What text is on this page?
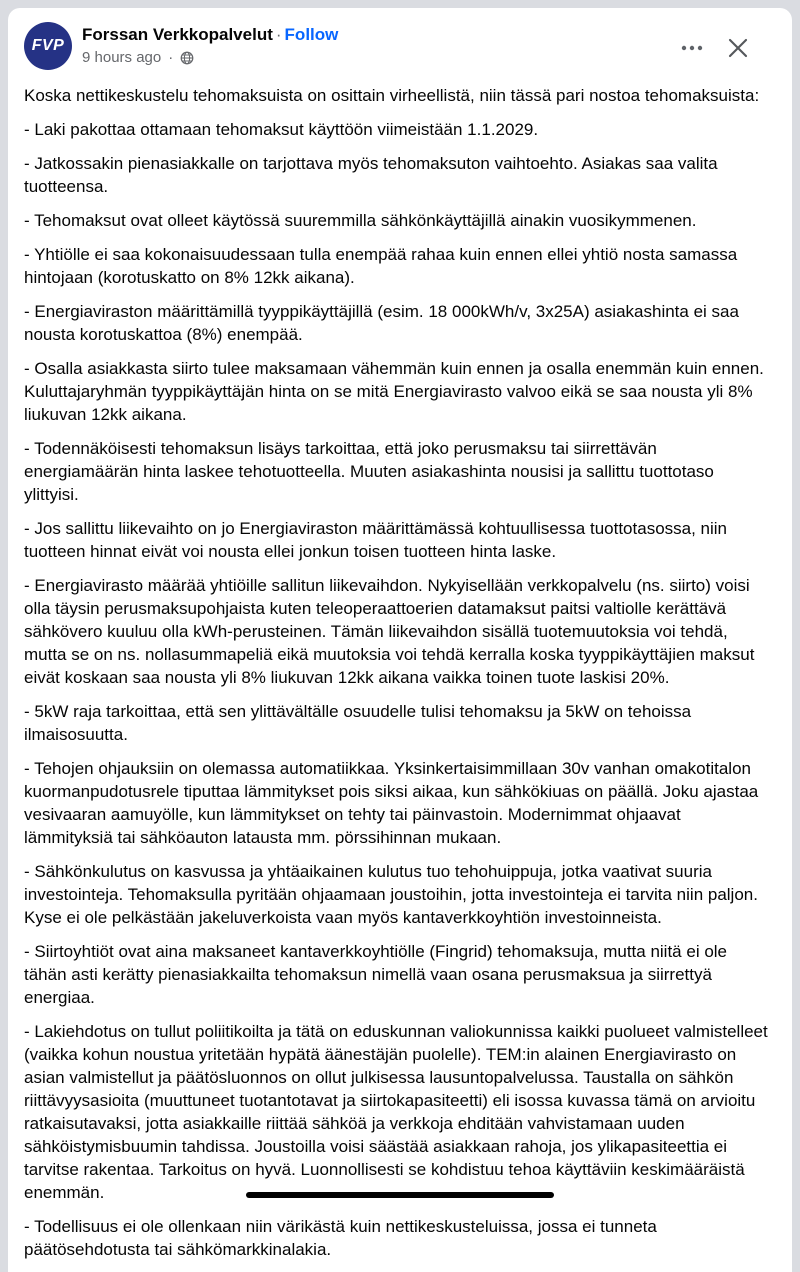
FVP
Forssan Verkkopalvelut · Follow
9 hours ago ·

Koska nettikeskustelu tehomaksuista on osittain virheellistä, niin tässä pari nostoa tehomaksuista:

- Laki pakottaa ottamaan tehomaksut käyttöön viimeistään 1.1.2029.

- Jatkossakin pienasiakkalle on tarjottava myös tehomaksuton vaihtoehto. Asiakas saa valita tuotteensa.

- Tehomaksut ovat olleet käytössä suuremmilla sähkönkäyttäjillä ainakin vuosikymmenen.

- Yhtiölle ei saa kokonaisuudessaan tulla enempää rahaa kuin ennen ellei yhtiö nosta samassa hintojaan (korotuskatto on 8% 12kk aikana).

- Energiaviraston määrittämillä tyyppikäyttäjillä (esim. 18 000kWh/v, 3x25A) asiakashinta ei saa nousta korotuskattoa (8%) enempää.

- Osalla asiakkasta siirto tulee maksamaan vähemmän kuin ennen ja osalla enemmän kuin ennen. Kuluttajaryhmän tyyppikäyttäjän hinta on se mitä Energiavirasto valvoo eikä se saa nousta yli 8% liukuvan 12kk aikana.

- Todennäköisesti tehomaksun lisäys tarkoittaa, että joko perusmaksu tai siirrettävän energiamäärän hinta laskee tehotuotteella. Muuten asiakashinta nousisi ja sallittu tuottotaso ylittyisi.

- Jos sallittu liikevaihto on jo Energiaviraston määrittämässä kohtuullisessa tuottotasossa, niin tuotteen hinnat eivät voi nousta ellei jonkun toisen tuotteen hinta laske.

- Energiavirasto määrää yhtiöille sallitun liikevaihdon. Nykyisellään verkkopalvelu (ns. siirto) voisi olla täysin perusmaksupohjaista kuten teleoperaattoerien datamaksut paitsi valtiolle kerättävä sähkövero kuuluu olla kWh-perusteinen. Tämän liikevaihdon sisällä tuotemuutoksia voi tehdä, mutta se on ns. nollasummapeliä eikä muutoksia voi tehdä kerralla koska tyyppikäyttäjien maksut eivät koskaan saa nousta yli 8% liukuvan 12kk aikana vaikka toinen tuote laskisi 20%.

- 5kW raja tarkoittaa, että sen ylittävältälle osuudelle tulisi tehomaksu ja 5kW on tehoissa ilmaisosuutta.

- Tehojen ohjauksiin on olemassa automatiikkaa. Yksinkertaisimmillaan 30v vanhan omakotitalon kuormanpudotusrele tiputtaa lämmitykset pois siksi aikaa, kun sähkökiuas on päällä. Joku ajastaa vesivaaran aamuyölle, kun lämmitykset on tehty tai päinvastoin. Modernimmat ohjaavat lämmityksiä tai sähköauton latausta mm. pörssihinnan mukaan.

- Sähkönkulutus on kasvussa ja yhtäaikainen kulutus tuo tehohuippuja, jotka vaativat suuria investointeja. Tehomaksulla pyritään ohjaamaan joustoihin, jotta investointeja ei tarvita niin paljon. Kyse ei ole pelkästään jakeluverkoista vaan myös kantaverkkoyhtiön investoinneista.

- Siirtoyhtiöt ovat aina maksaneet kantaverkkoyhtiölle (Fingrid) tehomaksuja, mutta niitä ei ole tähän asti kerätty pienasiakkailta tehomaksun nimellä vaan osana perusmaksua ja siirrettyä energiaa.

- Lakiehdotus on tullut poliitikoilta ja tätä on eduskunnan valiokunnissa kaikki puolueet valmistelleet (vaikka kohun noustua yritetään hypätä äänestäjän puolelle). TEM:in alainen Energiavirasto on asian valmistellut ja päätösluonnos on ollut julkisessa lausuntopalvelussa. Taustalla on sähkön riittävyysasioita (muuttuneet tuotantotavat ja siirtokapasiteetti) eli isossa kuvassa tämä on arvioitu ratkaisutavaksi, jotta asiakkaille riittää sähköä ja verkkoja ehditään vahvistamaan uuden sähköistymisbuumin tahdissa. Joustoilla voisi säästää asiakkaan rahoja, jos ylikapasiteettia ei tarvitse rakentaa. Tarkoitus on hyvä. Luonnollisesti se kohdistuu tehoa käyttäviin keskimääräistä enemmän.

- Todellisuus ei ole ollenkaan niin värikästä kuin nettikeskusteluissa, jossa ei tunneta päätösehdotusta tai sähkömarkkinalakia.
